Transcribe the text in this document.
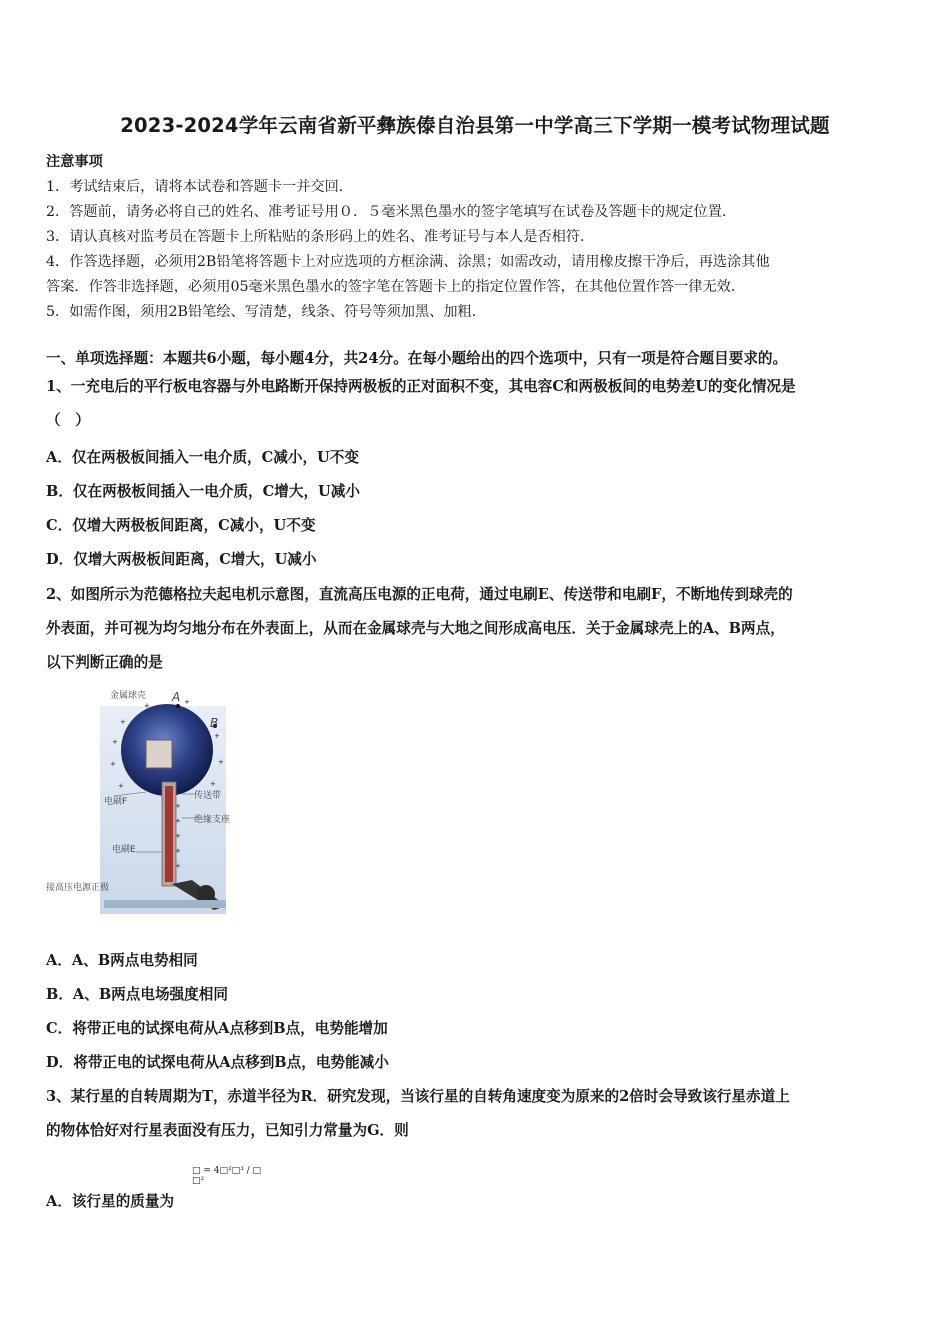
2023-2024学年云南省新平彝族傣自治县第一中学高三下学期一模考试物理试题

注意事项

1．考试结束后，请将本试卷和答题卡一并交回．

2．答题前，请务必将自己的姓名、准考证号用０．５毫米黑色墨水的签字笔填写在试卷及答题卡的规定位置．

3．请认真核对监考员在答题卡上所粘贴的条形码上的姓名、准考证号与本人是否相符．

4．作答选择题，必须用2B铅笔将答题卡上对应选项的方框涂满、涂黑；如需改动，请用橡皮擦干净后，再选涂其他

答案．作答非选择题，必须用05毫米黑色墨水的签字笔在答题卡上的指定位置作答，在其他位置作答一律无效．

5．如需作图，须用2B铅笔绘、写清楚，线条、符号等须加黑、加粗．

一、单项选择题：本题共6小题，每小题4分，共24分。在每小题给出的四个选项中，只有一项是符合题目要求的。

1、一充电后的平行板电容器与外电路断开保持两极板的正对面积不变，其电容C和两极板间的电势差U的变化情况是

（　）

A．仅在两极板间插入一电介质，C减小，U不变
B．仅在两极板间插入一电介质，C增大，U减小
C．仅增大两极板间距离，C减小，U不变
D．仅增大两极板间距离，C增大，U减小

2、如图所示为范德格拉夫起电机示意图，直流高压电源的正电荷，通过电刷E、传送带和电刷F，不断地传到球壳的

外表面，并可视为均匀地分布在外表面上，从而在金属球壳与大地之间形成高电压．关于金属球壳上的A、B两点，

以下判断正确的是

+
+
+
+
+
+
+
+
+
+
+
+
+	+
金属球壳 A
B
电刷F
传送带
绝缘支座
电刷E
接高压电源正极
A．A、B两点电势相同
B．A、B两点电场强度相同
C．将带正电的试探电荷从A点移到B点，电势能增加
D．将带正电的试探电荷从A点移到B点，电势能减小

3、某行星的自转周期为T，赤道半径为R．研究发现，当该行星的自转角速度变为原来的2倍时会导致该行星赤道上

的物体恰好对行星表面没有压力，已知引力常量为G．则

A．该行星的质量为
□ = 4□²□³ / □ □²
